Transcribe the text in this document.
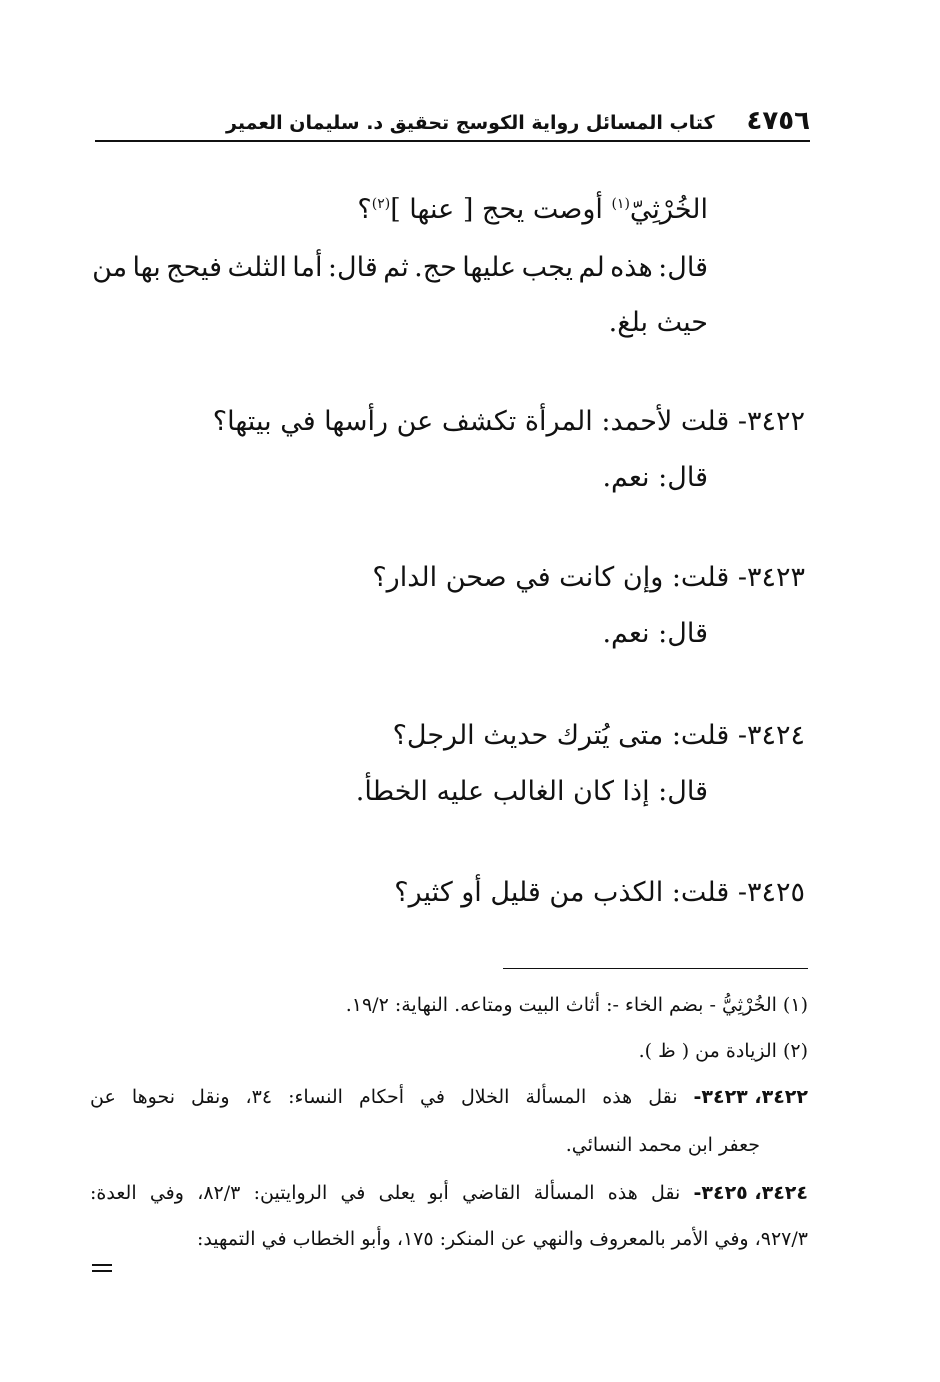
٤٧٥٦
كتاب المسائل رواية الكوسج تحقيق د. سليمان العمير
الخُرْثِيّ$^{(١)}$ أوصت يحج [ عنها ]$^{(٢)}$؟
قال:
هذه
لم
يجب
عليها
حج.
ثم
قال:
أما
الثلث
فيحج
بها
من
حيث بلغ.
٣٤٢٢- قلت لأحمد: المرأة تكشف عن رأسها في بيتها؟
قال: نعم.
٣٤٢٣- قلت: وإن كانت في صحن الدار؟
قال: نعم.
٣٤٢٤- قلت: متى يُترك حديث الرجل؟
قال: إذا كان الغالب عليه الخطأ.
٣٤٢٥- قلت: الكذب من قليل أو كثير؟
(١) الخُرْثِيُّ - بضم الخاء -: أثاث البيت ومتاعه. النهاية: ١٩/٢.
(٢) الزيادة من ( ظ ).
٣٤٢٢، ٣٤٢٣-
نقل
هذه
المسألة
الخلال
في
أحكام
النساء:
٣٤،
ونقل
نحوها
عن
جعفر ابن محمد النسائي.
٣٤٢٤، ٣٤٢٥-
نقل
هذه
المسألة
القاضي
أبو
يعلى
في
الروايتين:
٨٢/٣،
وفي
العدة:
٩٢٧/٣، وفي الأمر بالمعروف والنهي عن المنكر: ١٧٥، وأبو الخطاب في التمهيد:
